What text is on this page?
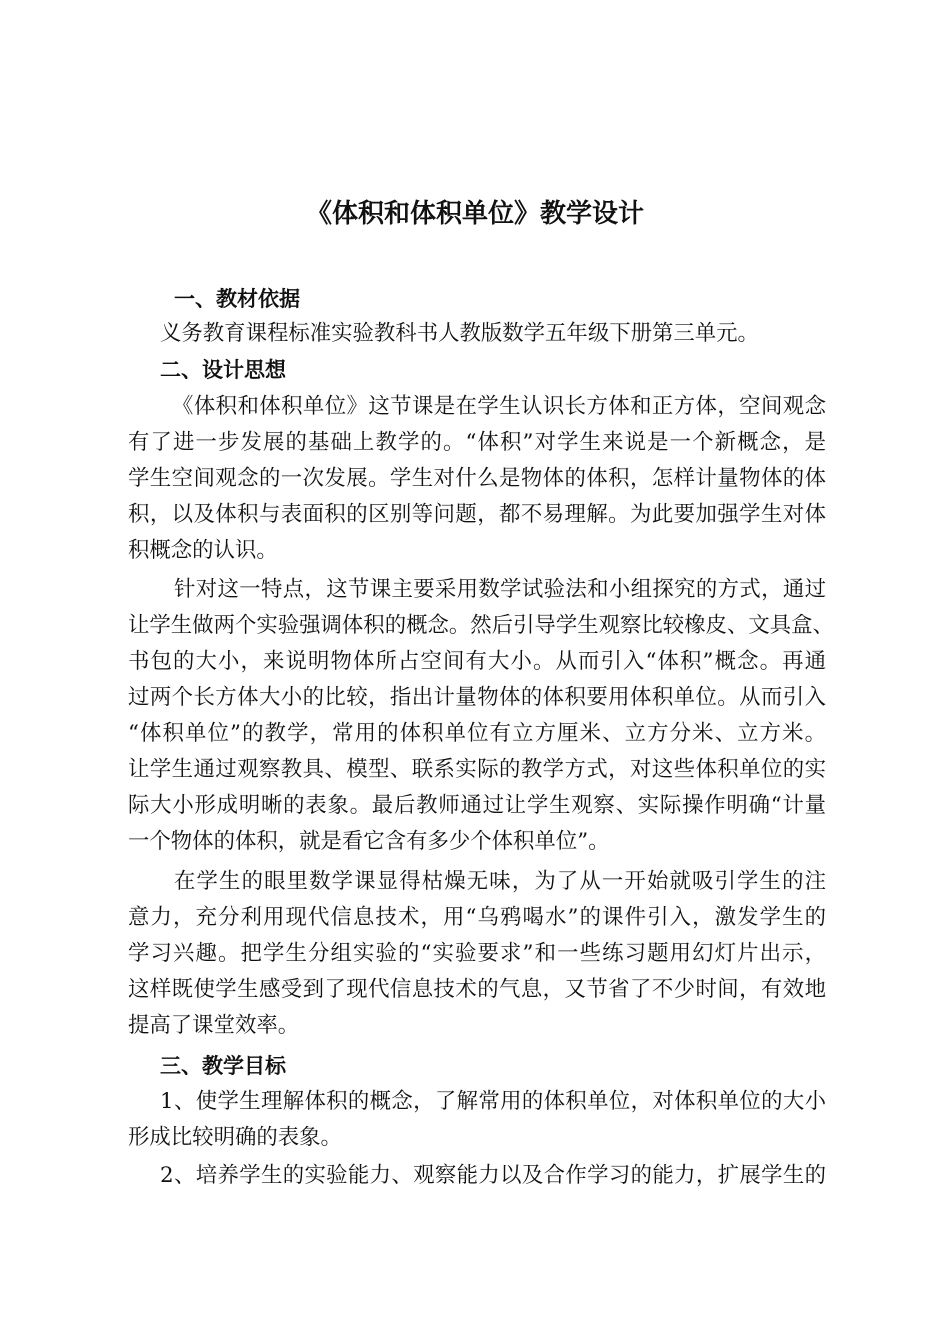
《体积和体积单位》教学设计
一、教材依据
义务教育课程标准实验教科书人教版数学五年级下册第三单元。
二、设计思想
《体积和体积单位》这节课是在学生认识长方体和正方体，空间观念
有了进一步发展的基础上教学的。“体积”对学生来说是一个新概念，是
学生空间观念的一次发展。学生对什么是物体的体积，怎样计量物体的体
积，以及体积与表面积的区别等问题，都不易理解。为此要加强学生对体
积概念的认识。
针对这一特点，这节课主要采用数学试验法和小组探究的方式，通过
让学生做两个实验强调体积的概念。然后引导学生观察比较橡皮、文具盒、
书包的大小，来说明物体所占空间有大小。从而引入“体积”概念。再通
过两个长方体大小的比较，指出计量物体的体积要用体积单位。从而引入
“体积单位”的教学，常用的体积单位有立方厘米、立方分米、立方米。
让学生通过观察教具、模型、联系实际的教学方式，对这些体积单位的实
际大小形成明晰的表象。最后教师通过让学生观察、实际操作明确“计量
一个物体的体积，就是看它含有多少个体积单位”。
在学生的眼里数学课显得枯燥无味，为了从一开始就吸引学生的注
意力，充分利用现代信息技术，用“乌鸦喝水”的课件引入，激发学生的
学习兴趣。把学生分组实验的“实验要求”和一些练习题用幻灯片出示，
这样既使学生感受到了现代信息技术的气息，又节省了不少时间，有效地
提高了课堂效率。
三、教学目标
1、使学生理解体积的概念，了解常用的体积单位，对体积单位的大小
形成比较明确的表象。
2、培养学生的实验能力、观察能力以及合作学习的能力，扩展学生的
